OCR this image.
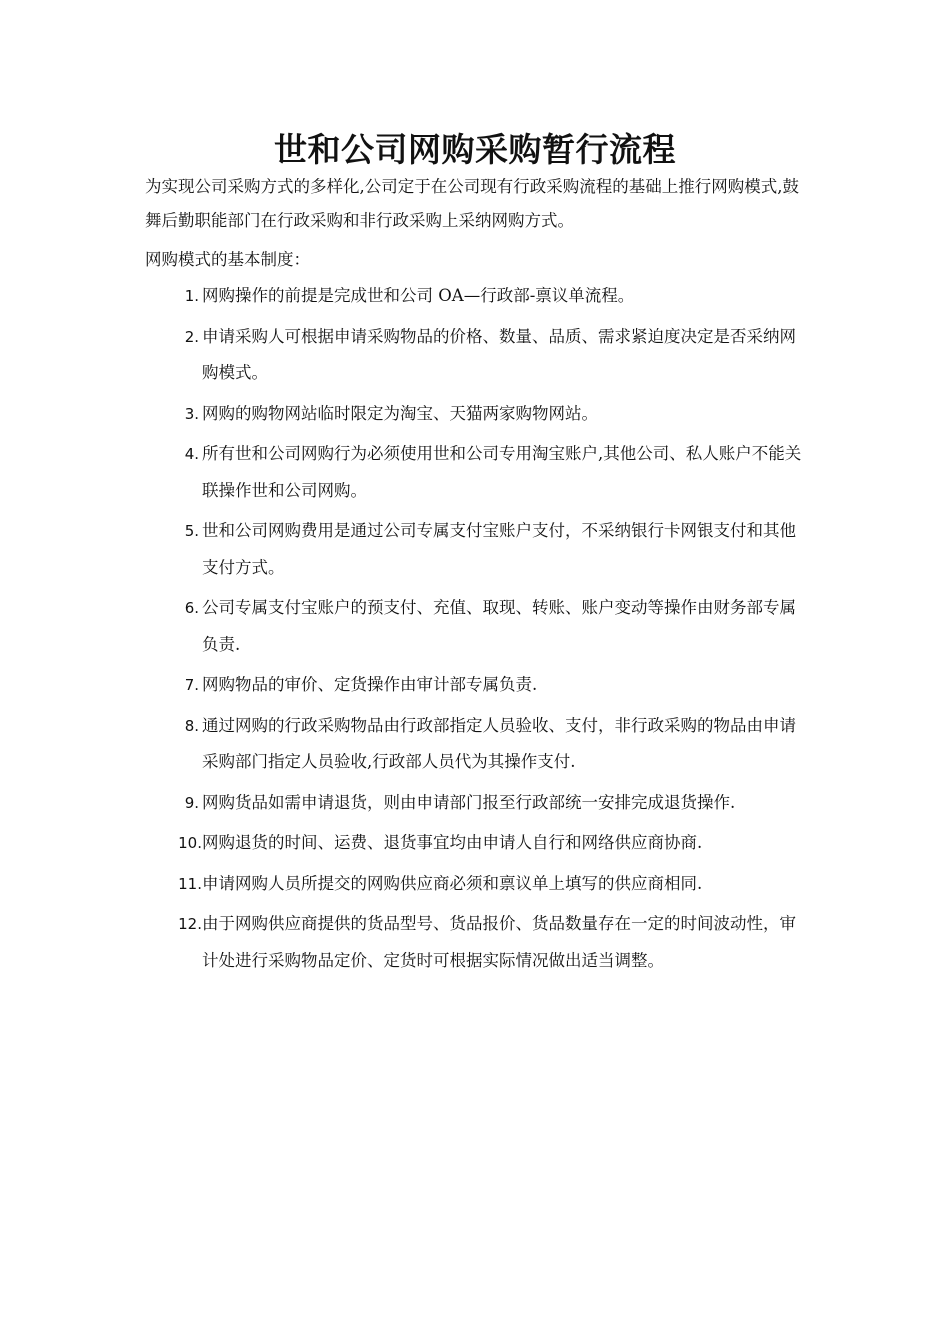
世和公司网购采购暂行流程

为实现公司采购方式的多样化,公司定于在公司现有行政采购流程的基础上推行网购模式,鼓舞后勤职能部门在行政采购和非行政采购上采纳网购方式。

网购模式的基本制度：
1. 网购操作的前提是完成世和公司 OA—行政部-禀议单流程。
2. 申请采购人可根据申请采购物品的价格、数量、品质、需求紧迫度决定是否采纳网购模式。
3. 网购的购物网站临时限定为淘宝、天猫两家购物网站。
4. 所有世和公司网购行为必须使用世和公司专用淘宝账户,其他公司、私人账户不能关联操作世和公司网购。
5. 世和公司网购费用是通过公司专属支付宝账户支付，不采纳银行卡网银支付和其他支付方式。
6. 公司专属支付宝账户的预支付、充值、取现、转账、账户变动等操作由财务部专属负责.
7. 网购物品的审价、定货操作由审计部专属负责.
8. 通过网购的行政采购物品由行政部指定人员验收、支付，非行政采购的物品由申请采购部门指定人员验收,行政部人员代为其操作支付.
9. 网购货品如需申请退货，则由申请部门报至行政部统一安排完成退货操作.
10. 网购退货的时间、运费、退货事宜均由申请人自行和网络供应商协商.
11. 申请网购人员所提交的网购供应商必须和禀议单上填写的供应商相同.
12. 由于网购供应商提供的货品型号、货品报价、货品数量存在一定的时间波动性，审计处进行采购物品定价、定货时可根据实际情况做出适当调整。
